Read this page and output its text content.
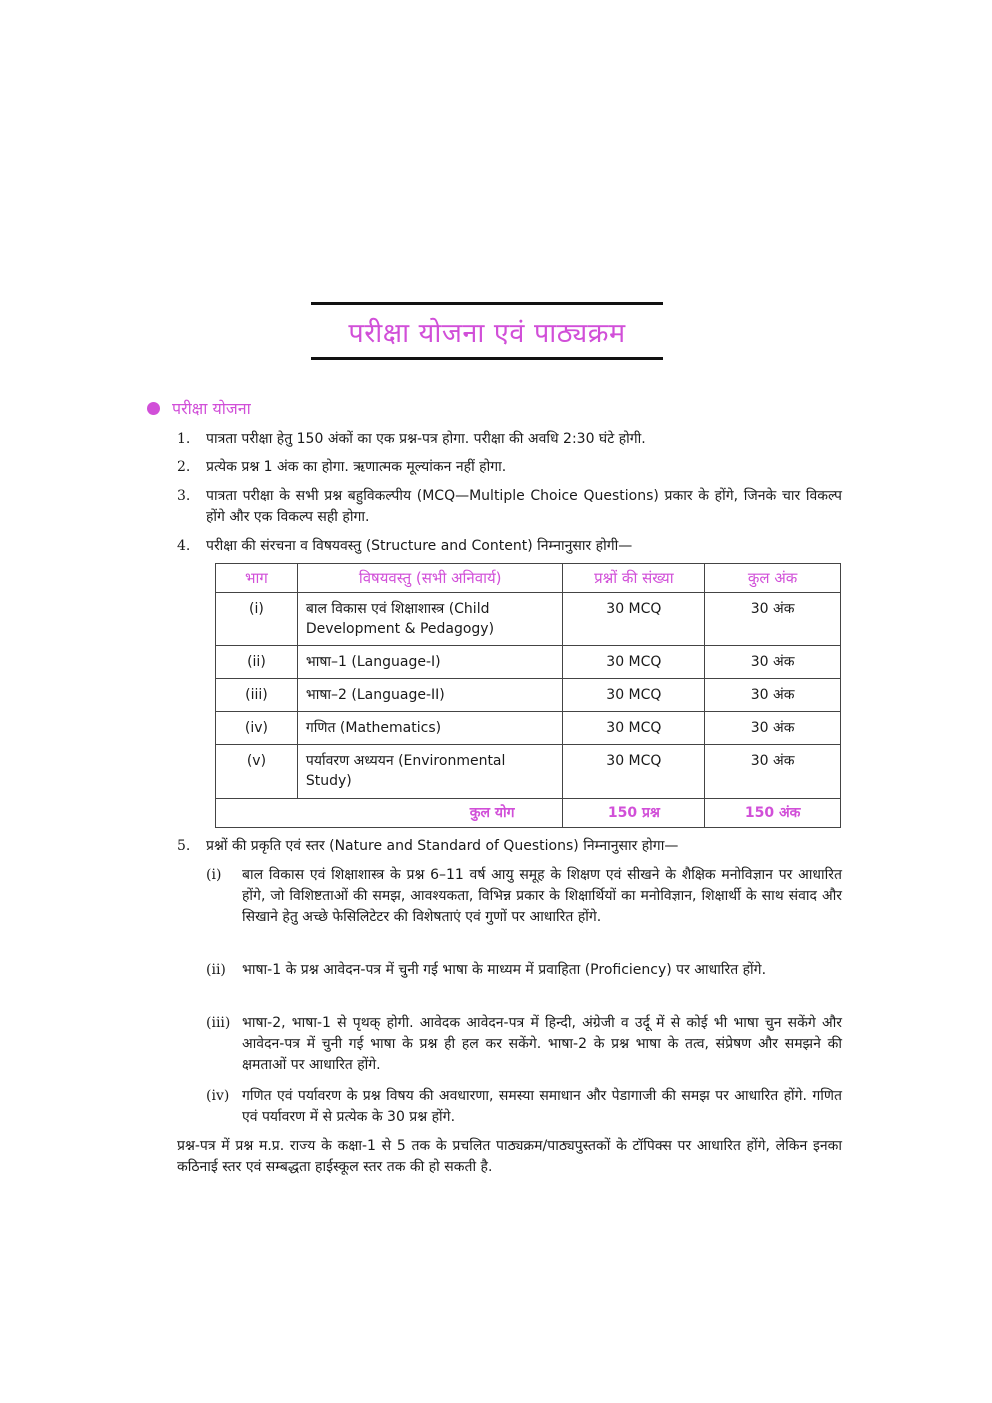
परीक्षा योजना एवं पाठ्यक्रम
परीक्षा योजना
1. पात्रता परीक्षा हेतु 150 अंकों का एक प्रश्न-पत्र होगा. परीक्षा की अवधि 2:30 घंटे होगी.
2. प्रत्येक प्रश्न 1 अंक का होगा. ऋणात्मक मूल्यांकन नहीं होगा.
3. पात्रता परीक्षा के सभी प्रश्न बहुविकल्पीय (MCQ—Multiple Choice Questions) प्रकार के होंगे, जिनके चार विकल्प होंगे और एक विकल्प सही होगा.
4. परीक्षा की संरचना व विषयवस्तु (Structure and Content) निम्नानुसार होगी—
भाग	विषयवस्तु (सभी अनिवार्य)	प्रश्नों की संख्या	कुल अंक
(i)	बाल विकास एवं शिक्षाशास्त्र (Child Development & Pedagogy)	30 MCQ	30 अंक
(ii)	भाषा–1 (Language-I)	30 MCQ	30 अंक
(iii)	भाषा–2 (Language-II)	30 MCQ	30 अंक
(iv)	गणित (Mathematics)	30 MCQ	30 अंक
(v)	पर्यावरण अध्ययन (Environmental Study)	30 MCQ	30 अंक
कुल योग		150 प्रश्न	150 अंक
5. प्रश्नों की प्रकृति एवं स्तर (Nature and Standard of Questions) निम्नानुसार होगा—
(i) बाल विकास एवं शिक्षाशास्त्र के प्रश्न 6–11 वर्ष आयु समूह के शिक्षण एवं सीखने के शैक्षिक मनोविज्ञान पर आधारित होंगे, जो विशिष्टताओं की समझ, आवश्यकता, विभिन्न प्रकार के शिक्षार्थियों का मनोविज्ञान, शिक्षार्थी के साथ संवाद और सिखाने हेतु अच्छे फेसिलिटेटर की विशेषताएं एवं गुणों पर आधारित होंगे.
(ii) भाषा-1 के प्रश्न आवेदन-पत्र में चुनी गई भाषा के माध्यम में प्रवाहिता (Proficiency) पर आधारित होंगे.
(iii) भाषा-2, भाषा-1 से पृथक् होगी. आवेदक आवेदन-पत्र में हिन्दी, अंग्रेजी व उर्दू में से कोई भी भाषा चुन सकेंगे और आवेदन-पत्र में चुनी गई भाषा के प्रश्न ही हल कर सकेंगे. भाषा-2 के प्रश्न भाषा के तत्व, संप्रेषण और समझने की क्षमताओं पर आधारित होंगे.
(iv) गणित एवं पर्यावरण के प्रश्न विषय की अवधारणा, समस्या समाधान और पेडागाजी की समझ पर आधारित होंगे. गणित एवं पर्यावरण में से प्रत्येक के 30 प्रश्न होंगे.
प्रश्न-पत्र में प्रश्न म.प्र. राज्य के कक्षा-1 से 5 तक के प्रचलित पाठ्यक्रम/पाठ्यपुस्तकों के टॉपिक्स पर आधारित होंगे, लेकिन इनका कठिनाई स्तर एवं सम्बद्धता हाईस्कूल स्तर तक की हो सकती है.
